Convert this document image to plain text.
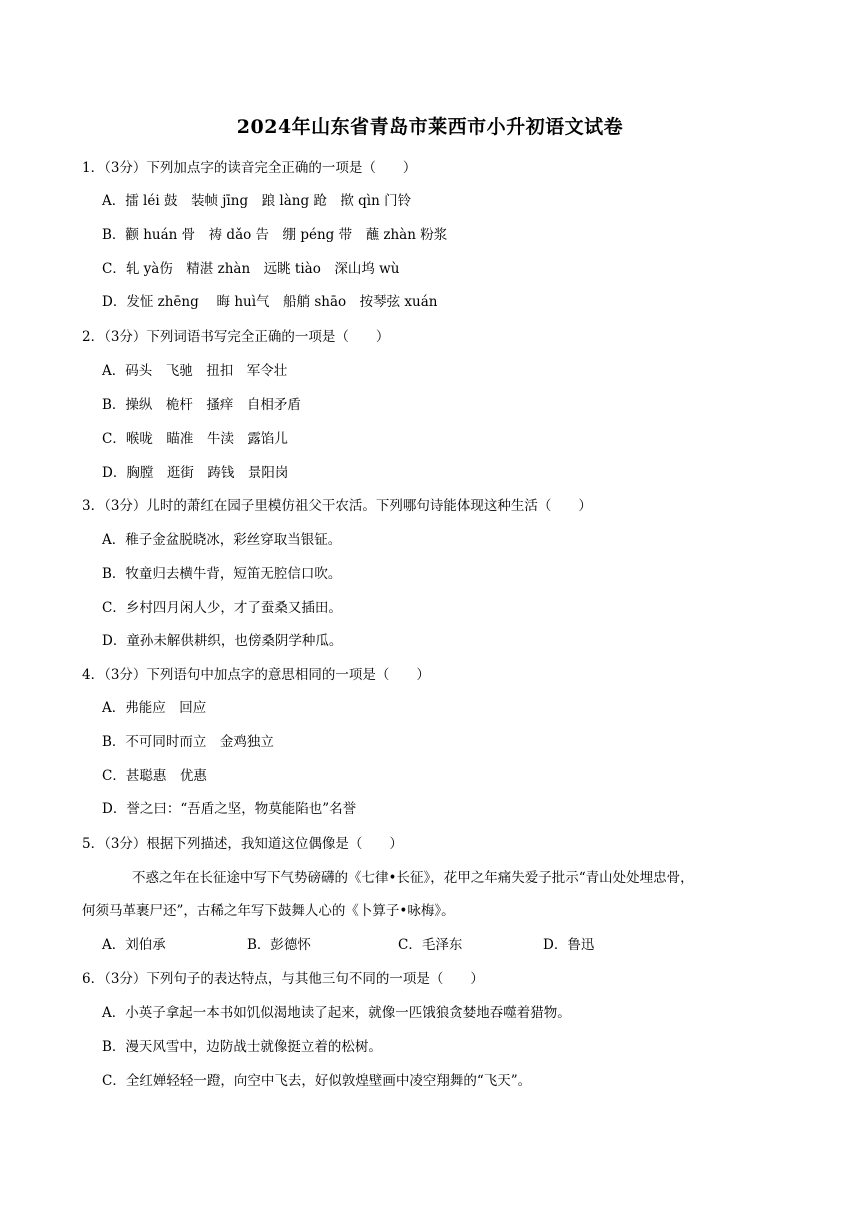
2024年山东省青岛市莱西市小升初语文试卷
1．（3分）下列加点字的读音完全正确的一项是（　　）
A．擂 léi 鼓　装帧 jīng　踉 làng 跄　揿 qìn 门铃
B．颧 huán 骨　祷 dǎo 告　绷 péng 带　蘸 zhàn 粉浆
C．轧 yà伤　精湛 zhàn　远眺 tiào　深山坞 wù
D．发怔 zhēng　 晦 huì气　船艄 shāo　按琴弦 xuán
2．（3分）下列词语书写完全正确的一项是（　　）
A．码头　飞驰　扭扣　军令壮
B．操纵　桅杆　搔痒　自相矛盾
C．喉咙　瞄准　牛渎　露馅儿
D．胸膛　逛街　踌钱　景阳岗
3．（3分）儿时的萧红在园子里模仿祖父干农活。下列哪句诗能体现这种生活（　　）
A．稚子金盆脱晓冰，彩丝穿取当银钲。
B．牧童归去横牛背，短笛无腔信口吹。
C．乡村四月闲人少，才了蚕桑又插田。
D．童孙未解供耕织，也傍桑阴学种瓜。
4．（3分）下列语句中加点字的意思相同的一项是（　　）
A．弗能应　回应
B．不可同时而立　金鸡独立
C．甚聪惠　优惠
D．誉之曰：“吾盾之坚，物莫能陷也”名誉
5．（3分）根据下列描述，我知道这位偶像是（　　）
不惑之年在长征途中写下气势磅礴的《七律•长征》，花甲之年痛失爱子批示“青山处处埋忠骨，
何须马革裹尸还”，古稀之年写下鼓舞人心的《卜算子•咏梅》。
A．刘伯承	B．彭德怀	C．毛泽东	D．鲁迅
6．（3分）下列句子的表达特点，与其他三句不同的一项是（　　）
A．小英子拿起一本书如饥似渴地读了起来，就像一匹饿狼贪婪地吞噬着猎物。
B．漫天风雪中，边防战士就像挺立着的松树。
C．全红婵轻轻一蹬，向空中飞去，好似敦煌壁画中凌空翔舞的“飞天”。
